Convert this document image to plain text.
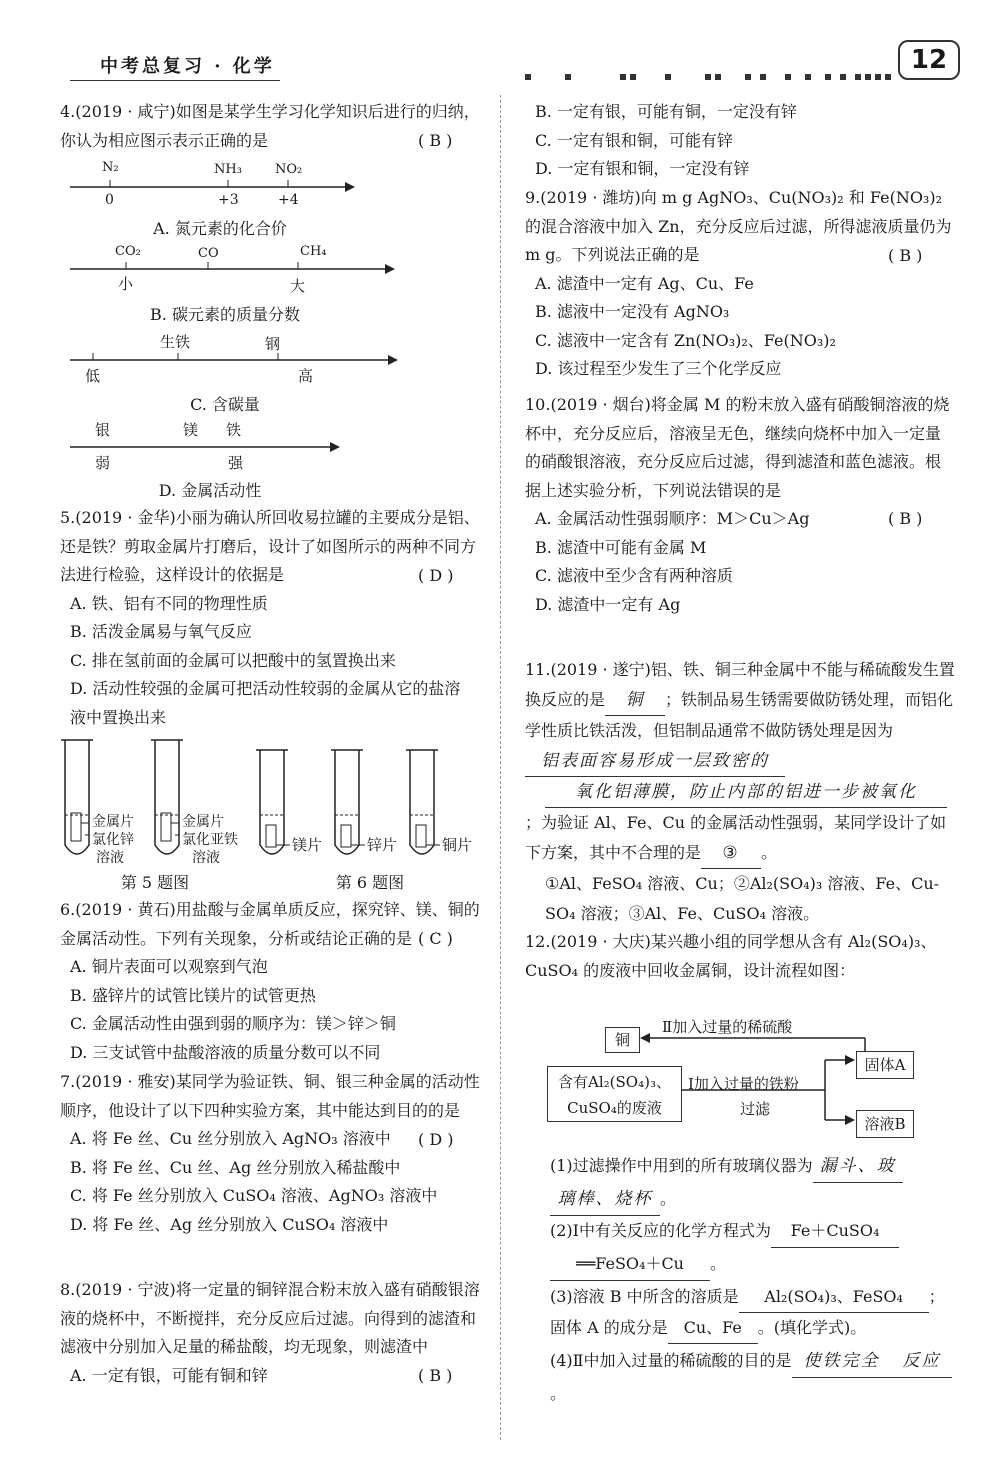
中考总复习 · 化学	12
4.(2019 · 咸宁)如图是某学生学习化学知识后进行的归纳，你认为相应图示表示正确的是	( B )
N₂	NH₃	NO₂
0	+3	+4
A. 氮元素的化合价
CO₂	CO	CH₄
小	大
B. 碳元素的质量分数
生铁	钢
低	高
C. 含碳量
银	镁 铁
弱	强
D. 金属活动性
5.(2019 · 金华)小丽为确认所回收易拉罐的主要成分是铝、还是铁？剪取金属片打磨后，设计了如图所示的两种不同方法进行检验，这样设计的依据是
A. 铁、铝有不同的物理性质
B. 活泼金属易与氧气反应
C. 排在氢前面的金属可以把酸中的氢置换出来
D. 活动性较强的金属可把活动性较弱的金属从它的盐溶液中置换出来
( D )
金属片
氯化锌
溶液
金属片
氯化亚铁
溶液
镁片	锌片	铜片
第 5 题图	第 6 题图
6.(2019 · 黄石)用盐酸与金属单质反应，探究锌、镁、铜的金属活动性。下列有关现象，分析或结论正确的是
A. 铜片表面可以观察到气泡
B. 盛锌片的试管比镁片的试管更热
C. 金属活动性由强到弱的顺序为：镁＞锌＞铜
D. 三支试管中盐酸溶液的质量分数可以不同
( C )
7.(2019 · 雅安)某同学为验证铁、铜、银三种金属的活动性顺序，他设计了以下四种实验方案，其中能达到目的的是
A. 将 Fe 丝、Cu 丝分别放入 AgNO₃ 溶液中
B. 将 Fe 丝、Cu 丝、Ag 丝分别放入稀盐酸中
C. 将 Fe 丝分别放入 CuSO₄ 溶液、AgNO₃ 溶液中
D. 将 Fe 丝、Ag 丝分别放入 CuSO₄ 溶液中
( D )
8.(2019 · 宁波)将一定量的铜锌混合粉末放入盛有硝酸银溶液的烧杯中，不断搅拌，充分反应后过滤。向得到的滤渣和滤液中分别加入足量的稀盐酸，均无现象，则滤渣中
A. 一定有银，可能有铜和锌	( B )
B. 一定有银，可能有铜，一定没有锌
C. 一定有银和铜，可能有锌
D. 一定有银和铜，一定没有锌
9.(2019 · 潍坊)向 m g AgNO₃、Cu(NO₃)₂ 和 Fe(NO₃)₂ 的混合溶液中加入 Zn，充分反应后过滤，所得滤液质量仍为 m g。下列说法正确的是
A. 滤渣中一定有 Ag、Cu、Fe
B. 滤液中一定没有 AgNO₃
C. 滤液中一定含有 Zn(NO₃)₂、Fe(NO₃)₂
D. 该过程至少发生了三个化学反应
( B )
10.(2019 · 烟台)将金属 M 的粉末放入盛有硝酸铜溶液的烧杯中，充分反应后，溶液呈无色，继续向烧杯中加入一定量的硝酸银溶液，充分反应后过滤，得到滤渣和蓝色滤液。根据上述实验分析，下列说法错误的是
A. 金属活动性强弱顺序：M＞Cu＞Ag
B. 滤渣中可能有金属 M
C. 滤液中至少含有两种溶质
D. 滤渣中一定有 Ag
( B )
11.(2019 · 遂宁)铝、铁、铜三种金属中不能与稀硫酸发生置换反应的是 铜 ；铁制品易生锈需要做防锈处理，而铝化学性质比铁活泼，但铝制品通常不做防锈处理是因为铝表面容易形成一层致密的
氧化铝薄膜，防止内部的铝进一步被氧化
；为验证 Al、Fe、Cu 的金属活动性强弱，某同学设计了如下方案，其中不合理的是 ③ 。
①Al、FeSO₄ 溶液、Cu；②Al₂(SO₄)₃ 溶液、Fe、Cu-SO₄ 溶液；③Al、Fe、CuSO₄ 溶液。
12.(2019 · 大庆)某兴趣小组的同学想从含有 Al₂(SO₄)₃、CuSO₄ 的废液中回收金属铜，设计流程如图：
铜
Ⅱ加入过量的稀硫酸
含有Al₂(SO₄)₃、
CuSO₄的废液
Ⅰ加入过量的铁粉
过滤
固体A
溶液B
(1)过滤操作中用到的所有玻璃仪器为 漏斗、玻璃棒、烧杯 。
(2)Ⅰ中有关反应的化学方程式为 Fe＋CuSO₄══FeSO₄＋Cu 。
(3)溶液 B 中所含的溶质是 Al₂(SO₄)₃、FeSO₄ ；固体 A 的成分是 Cu、Fe 。(填化学式)。
(4)Ⅱ中加入过量的稀硫酸的目的是 使铁完全 反应。
